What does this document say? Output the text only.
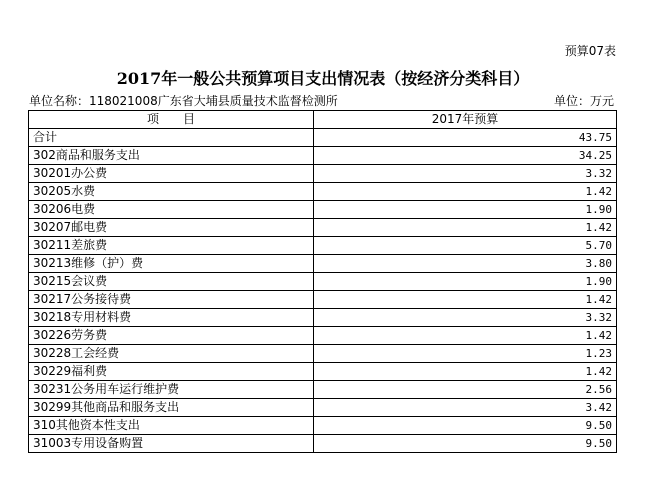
预算07表
2017年一般公共预算项目支出情况表（按经济分类科目）
单位名称：118021008广东省大埔县质量技术监督检测所	单位：万元
项　　目	2017年预算
合计	43.75
302商品和服务支出	34.25
30201办公费	3.32
30205水费	1.42
30206电费	1.90
30207邮电费	1.42
30211差旅费	5.70
30213维修（护）费	3.80
30215会议费	1.90
30217公务接待费	1.42
30218专用材料费	3.32
30226劳务费	1.42
30228工会经费	1.23
30229福利费	1.42
30231公务用车运行维护费	2.56
30299其他商品和服务支出	3.42
310其他资本性支出	9.50
31003专用设备购置	9.50
